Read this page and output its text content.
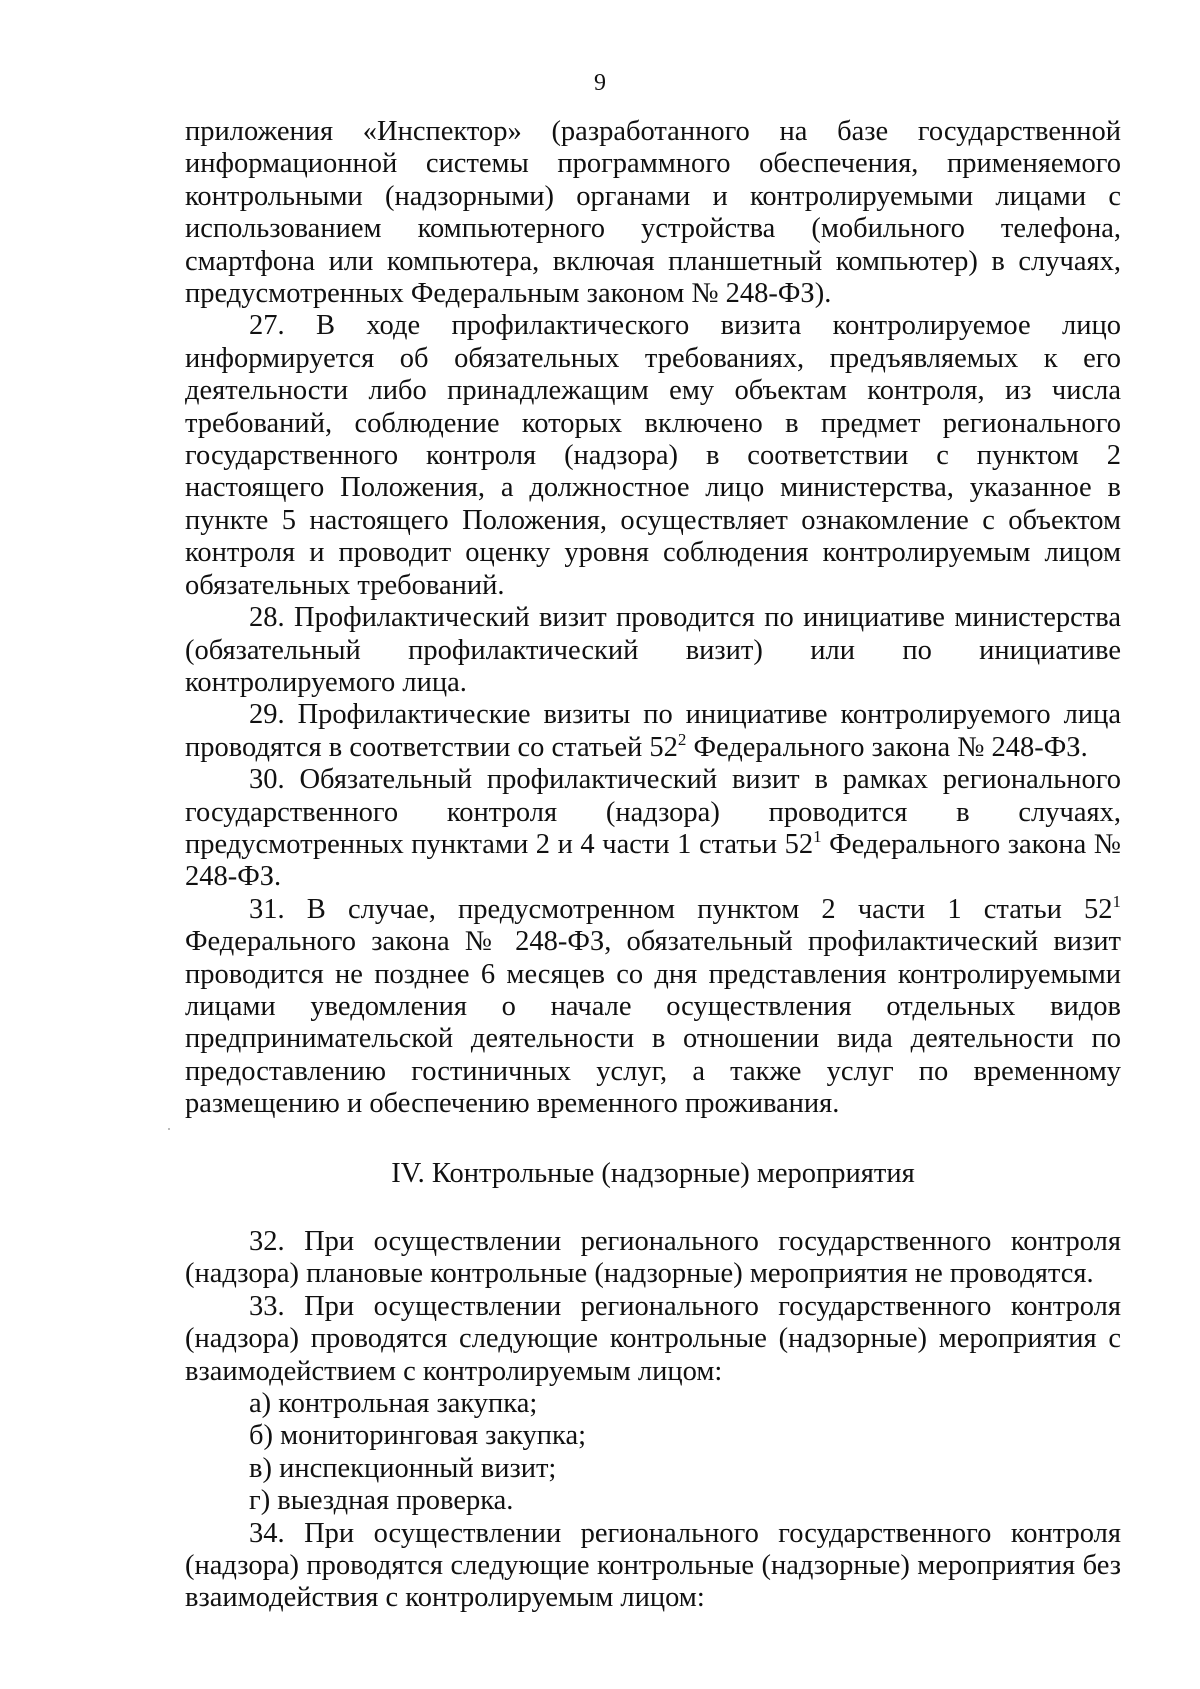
9

приложения «Инспектор» (разработанного на базе государственной информационной системы программного обеспечения, применяемого контрольными (надзорными) органами и контролируемыми лицами с использованием компьютерного устройства (мобильного телефона, смартфона или компьютера, включая планшетный компьютер) в случаях, предусмотренных Федеральным законом № 248-ФЗ).

27. В ходе профилактического визита контролируемое лицо информируется об обязательных требованиях, предъявляемых к его деятельности либо принадлежащим ему объектам контроля, из числа требований, соблюдение которых включено в предмет регионального государственного контроля (надзора) в соответствии с пунктом 2 настоящего Положения, а должностное лицо министерства, указанное в пункте 5 настоящего Положения, осуществляет ознакомление с объектом контроля и проводит оценку уровня соблюдения контролируемым лицом обязательных требований.

28. Профилактический визит проводится по инициативе министерства (обязательный профилактический визит) или по инициативе контролируемого лица.

29. Профилактические визиты по инициативе контролируемого лица проводятся в соответствии со статьей $52^2$ Федерального закона № 248-ФЗ.

30. Обязательный профилактический визит в рамках регионального государственного контроля (надзора) проводится в случаях, предусмотренных пунктами 2 и 4 части 1 статьи $52^1$ Федерального закона № 248-ФЗ.

31. В случае, предусмотренном пунктом 2 части 1 статьи $52^1$ Федерального закона № 248-ФЗ, обязательный профилактический визит проводится не позднее 6 месяцев со дня представления контролируемыми лицами уведомления о начале осуществления отдельных видов предпринимательской деятельности в отношении вида деятельности по предоставлению гостиничных услуг, а также услуг по временному размещению и обеспечению временного проживания.

IV. Контрольные (надзорные) мероприятия

32. При осуществлении регионального государственного контроля (надзора) плановые контрольные (надзорные) мероприятия не проводятся.

33. При осуществлении регионального государственного контроля (надзора) проводятся следующие контрольные (надзорные) мероприятия с взаимодействием с контролируемым лицом:

а) контрольная закупка;

б) мониторинговая закупка;

в) инспекционный визит;

г) выездная проверка.

34. При осуществлении регионального государственного контроля (надзора) проводятся следующие контрольные (надзорные) мероприятия без взаимодействия с контролируемым лицом:
